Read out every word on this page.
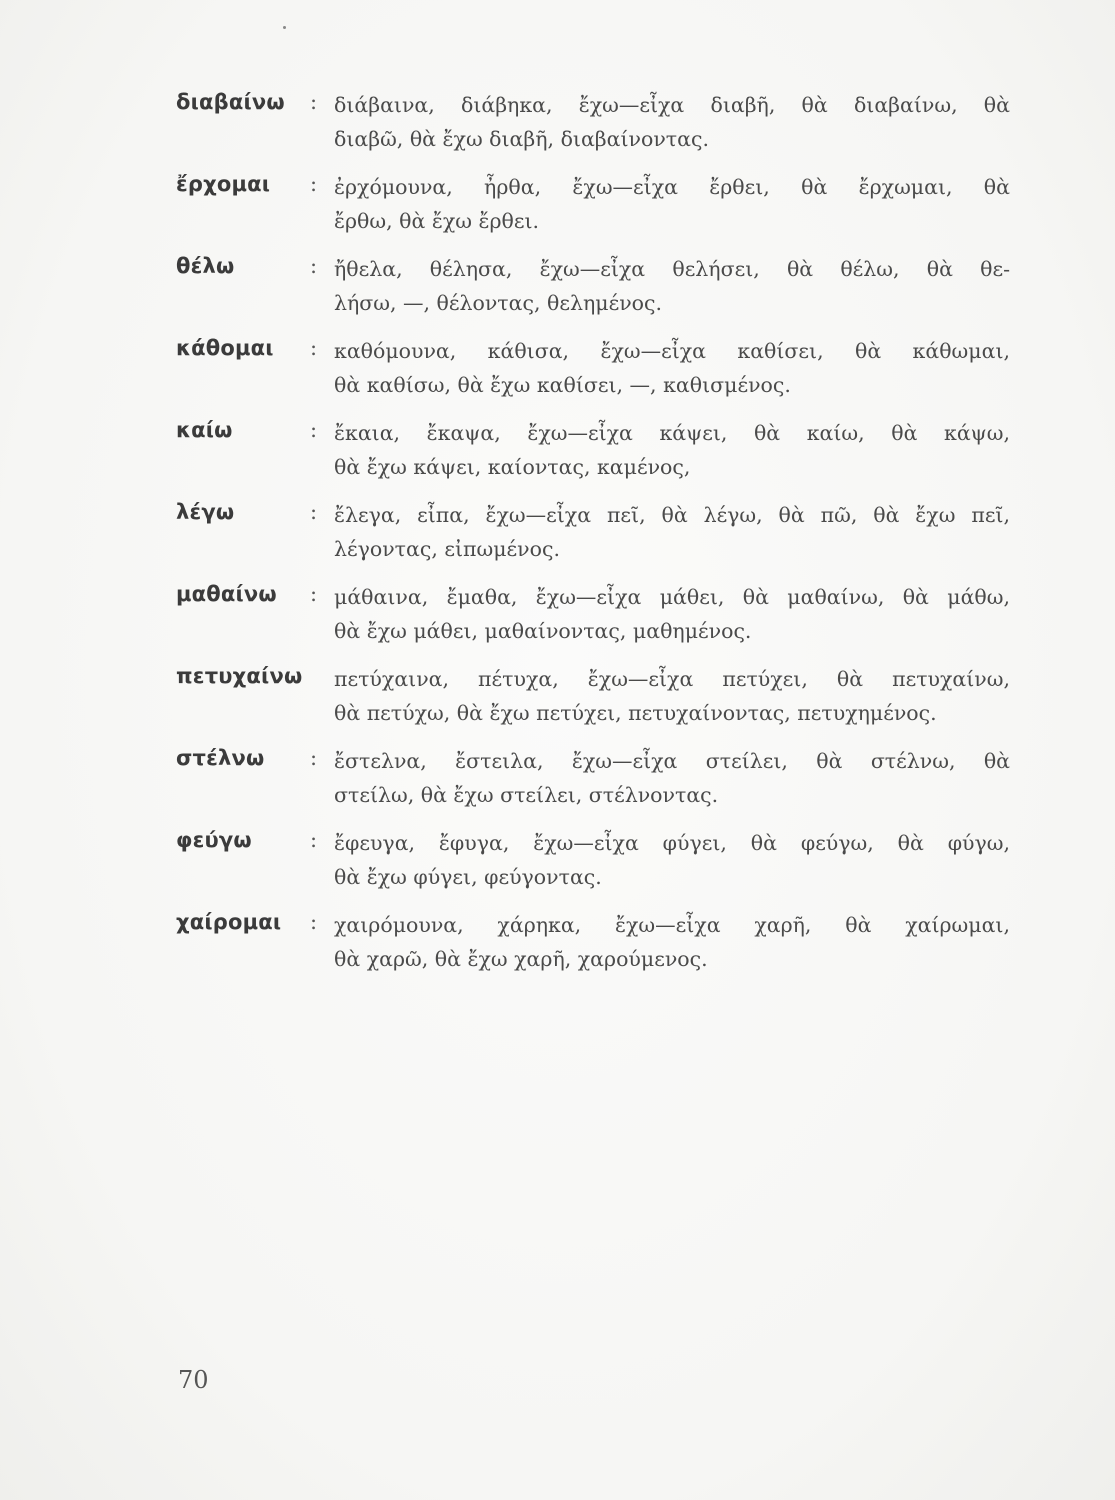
διαβαίνω	: διάβαινα, διάβηκα, ἔχω—εἶχα διαβῆ, θὰ διαβαίνω, θὰ
διαβῶ, θὰ ἔχω διαβῆ, διαβαίνοντας.
ἔρχομαι	: ἐρχόμουνα, ἦρθα, ἔχω—εἶχα ἔρθει, θὰ ἔρχωμαι, θὰ
ἔρθω, θὰ ἔχω ἔρθει.
θέλω	: ἤθελα, θέλησα, ἔχω—εἶχα θελήσει, θὰ θέλω, θὰ θε-
λήσω, —, θέλοντας, θελημένος.
κάθομαι	: καθόμουνα, κάθισα, ἔχω—εἶχα καθίσει, θὰ κάθωμαι,
θὰ καθίσω, θὰ ἔχω καθίσει, —, καθισμένος.
καίω	: ἔκαια, ἔκαψα, ἔχω—εἶχα κάψει, θὰ καίω, θὰ κάψω,
θὰ ἔχω κάψει, καίοντας, καμένος,
λέγω	: ἔλεγα, εἶπα, ἔχω—εἶχα πεῖ, θὰ λέγω, θὰ πῶ, θὰ ἔχω πεῖ,
λέγοντας, εἰπωμένος.
μαθαίνω	: μάθαινα, ἔμαθα, ἔχω—εἶχα μάθει, θὰ μαθαίνω, θὰ μάθω,
θὰ ἔχω μάθει, μαθαίνοντας, μαθημένος.
πετυχαίνω	πετύχαινα, πέτυχα, ἔχω—εἶχα πετύχει, θὰ πετυχαίνω,
θὰ πετύχω, θὰ ἔχω πετύχει, πετυχαίνοντας, πετυχημένος.
στέλνω	: ἔστελνα, ἔστειλα, ἔχω—εἶχα στείλει, θὰ στέλνω, θὰ
στείλω, θὰ ἔχω στείλει, στέλνοντας.
φεύγω	: ἔφευγα, ἔφυγα, ἔχω—εἶχα φύγει, θὰ φεύγω, θὰ φύγω,
θὰ ἔχω φύγει, φεύγοντας.
χαίρομαι	: χαιρόμουνα, χάρηκα, ἔχω—εἶχα χαρῆ, θὰ χαίρωμαι,
θὰ χαρῶ, θὰ ἔχω χαρῆ, χαρούμενος.
70
